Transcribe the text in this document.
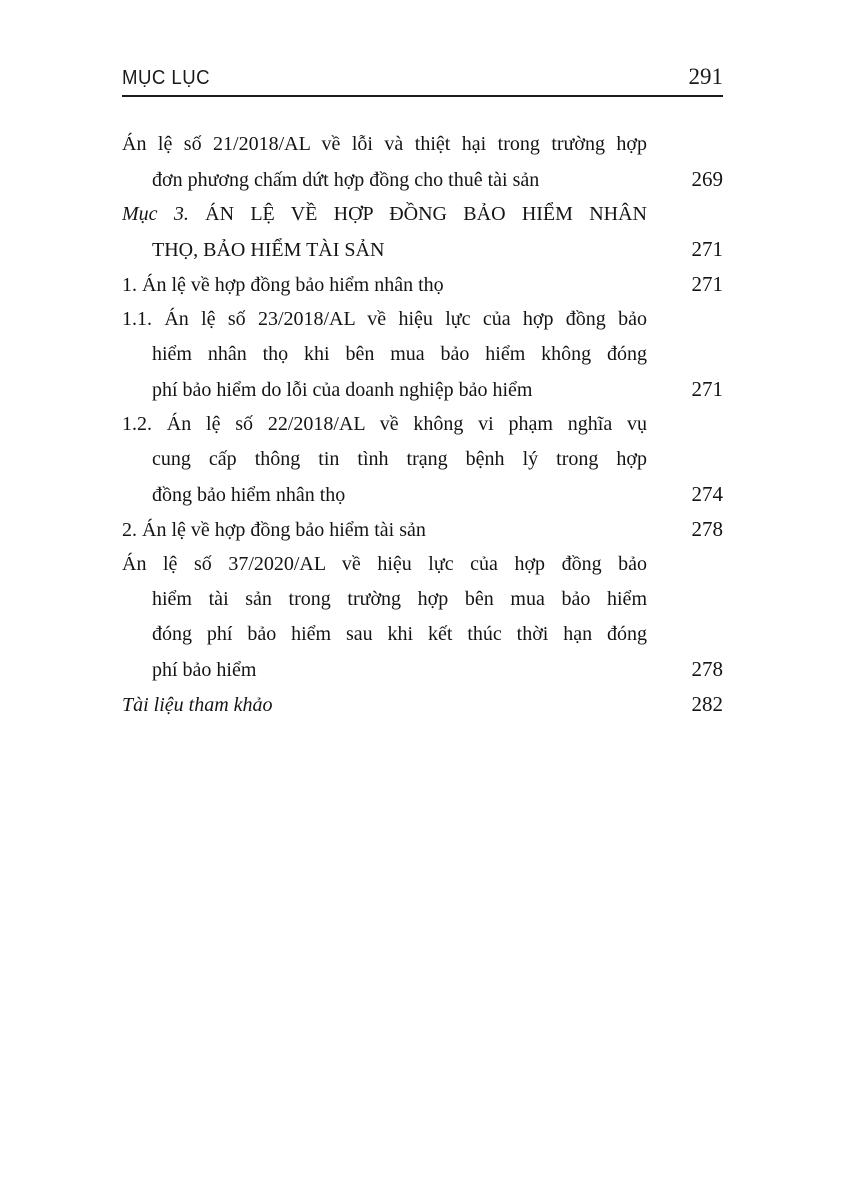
MỤC LỤC	291
Án lệ số 21/2018/AL về lỗi và thiệt hại trong trường hợp
đơn phương chấm dứt hợp đồng cho thuê tài sản	269
Mục 3. ÁN LỆ VỀ HỢP ĐỒNG BẢO HIỂM NHÂN
THỌ, BẢO HIỂM TÀI SẢN	271
1. Án lệ về hợp đồng bảo hiểm nhân thọ	271
1.1. Án lệ số 23/2018/AL về hiệu lực của hợp đồng bảo
hiểm nhân thọ khi bên mua bảo hiểm không đóng
phí bảo hiểm do lỗi của doanh nghiệp bảo hiểm	271
1.2. Án lệ số 22/2018/AL về không vi phạm nghĩa vụ
cung cấp thông tin tình trạng bệnh lý trong hợp
đồng bảo hiểm nhân thọ	274
2. Án lệ về hợp đồng bảo hiểm tài sản	278
Án lệ số 37/2020/AL về hiệu lực của hợp đồng bảo
hiểm tài sản trong trường hợp bên mua bảo hiểm
đóng phí bảo hiểm sau khi kết thúc thời hạn đóng
phí bảo hiểm	278
Tài liệu tham khảo	282
